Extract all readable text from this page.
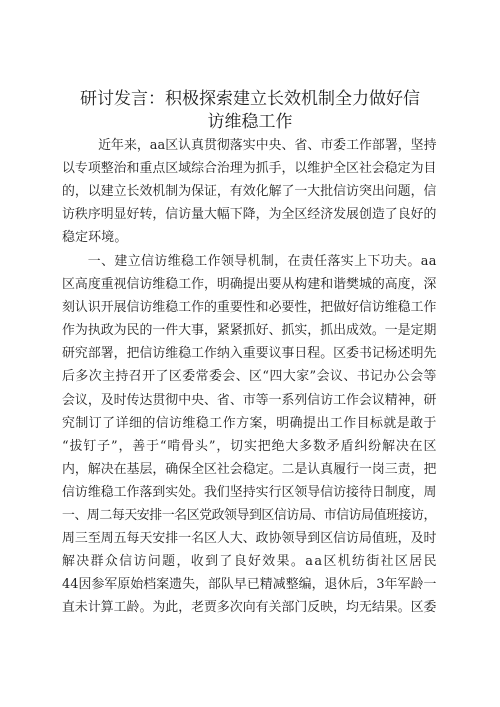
研讨发言：积极探索建立长效机制全力做好信
访维稳工作
近年来，aa区认真贯彻落实中央、省、市委工作部署，坚持
以专项整治和重点区域综合治理为抓手，以维护全区社会稳定为目
的，以建立长效机制为保证，有效化解了一大批信访突出问题，信
访秩序明显好转，信访量大幅下降，为全区经济发展创造了良好的
稳定环境。
一、建立信访维稳工作领导机制，在责任落实上下功夫。aa
区高度重视信访维稳工作，明确提出要从构建和谐樊城的高度，深
刻认识开展信访维稳工作的重要性和必要性，把做好信访维稳工作
作为执政为民的一件大事，紧紧抓好、抓实，抓出成效。一是定期
研究部署，把信访维稳工作纳入重要议事日程。区委书记杨述明先
后多次主持召开了区委常委会、区“四大家”会议、书记办公会等
会议，及时传达贯彻中央、省、市等一系列信访工作会议精神，研
究制订了详细的信访维稳工作方案，明确提出工作目标就是敢于
“拔钉子”，善于“啃骨头”，切实把绝大多数矛盾纠纷解决在区
内，解决在基层，确保全区社会稳定。二是认真履行一岗三责，把
信访维稳工作落到实处。我们坚持实行区领导信访接待日制度，周
一、周二每天安排一名区党政领导到区信访局、市信访局值班接访，
周三至周五每天安排一名区人大、政协领导到区信访局值班，及时
解决群众信访问题，收到了良好效果。aa区机纺街社区居民
44因参军原始档案遗失，部队早已精减整编，退休后，3年军龄一
直未计算工龄。为此，老贾多次向有关部门反映，均无结果。区委
